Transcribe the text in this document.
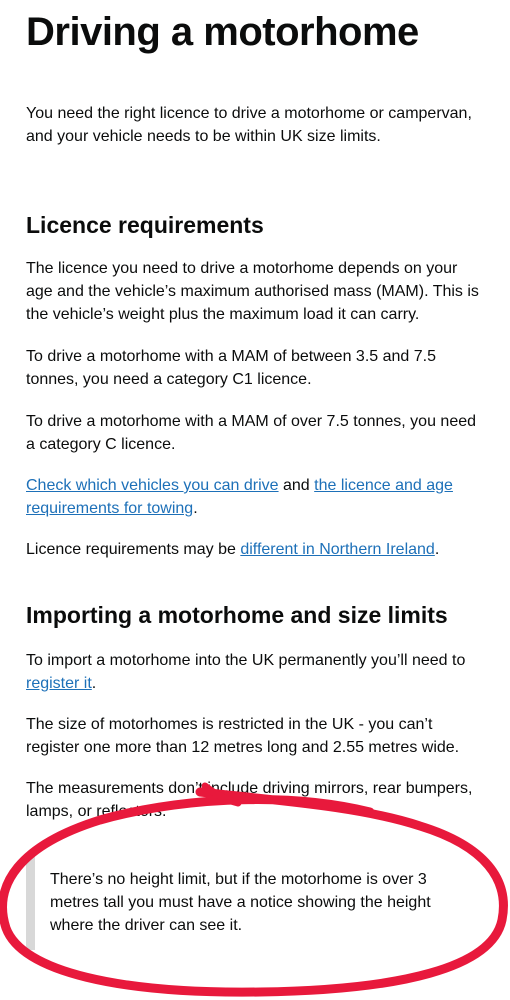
Driving a motorhome

You need the right licence to drive a motorhome or campervan, and your vehicle needs to be within UK size limits.

Licence requirements

The licence you need to drive a motorhome depends on your age and the vehicle’s maximum authorised mass (MAM). This is the vehicle’s weight plus the maximum load it can carry.

To drive a motorhome with a MAM of between 3.5 and 7.5 tonnes, you need a category C1 licence.

To drive a motorhome with a MAM of over 7.5 tonnes, you need a category C licence.

Check which vehicles you can drive and the licence and age requirements for towing.

Licence requirements may be different in Northern Ireland.

Importing a motorhome and size limits

To import a motorhome into the UK permanently you’ll need to register it.

The size of motorhomes is restricted in the UK - you can’t register one more than 12 metres long and 2.55 metres wide.

The measurements don’t include driving mirrors, rear bumpers, lamps, or reflectors.

There’s no height limit, but if the motorhome is over 3 metres tall you must have a notice showing the height where the driver can see it.
